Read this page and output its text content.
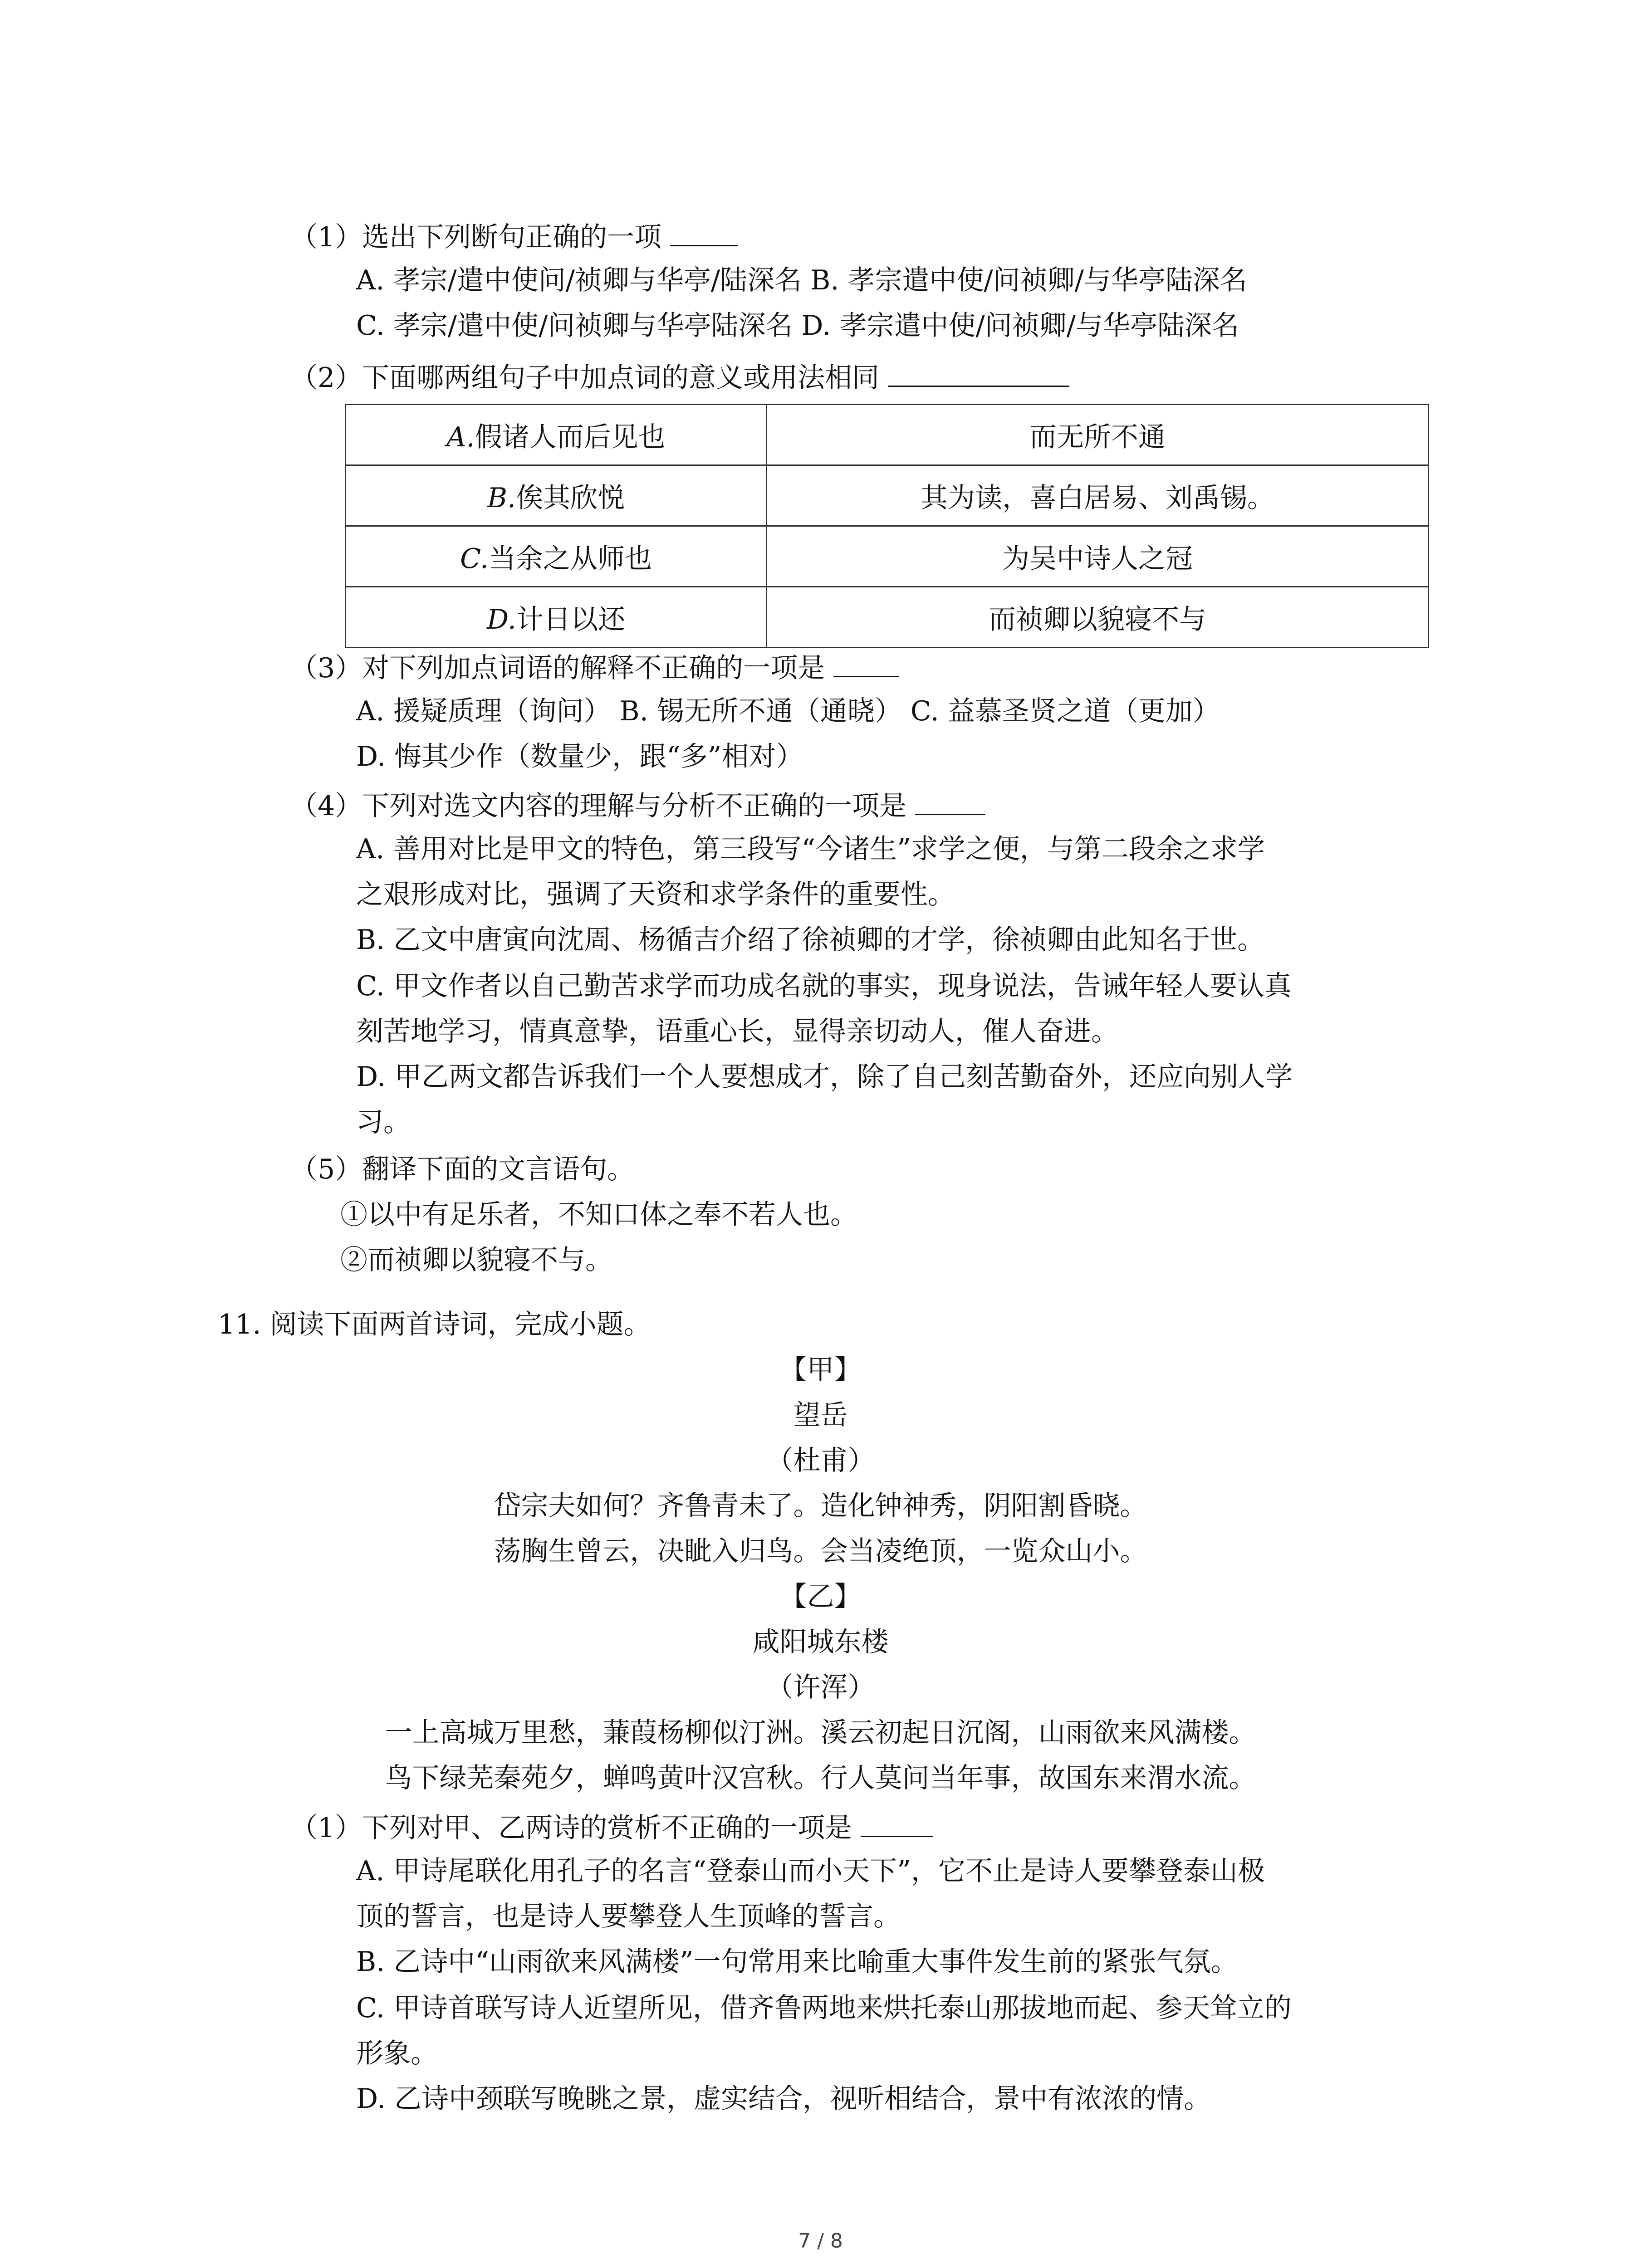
（1）选出下列断句正确的一项
A. 孝宗/遣中使问/祯卿与华亭/陆深名 B. 孝宗遣中使/问祯卿/与华亭陆深名
C. 孝宗/遣中使/问祯卿与华亭陆深名 D. 孝宗遣中使/问祯卿/与华亭陆深名
（2）下面哪两组句子中加点词的意义或用法相同
A.假诸人而后见也	而无所不通
B.俟其欣悦	其为读，喜白居易、刘禹锡。
C.当余之从师也	为吴中诗人之冠
D.计日以还	而祯卿以貌寝不与
（3）对下列加点词语的解释不正确的一项是
A. 援疑质理（询问） B. 锡无所不通（通晓） C. 益慕圣贤之道（更加）
D. 悔其少作（数量少，跟“多”相对）
（4）下列对选文内容的理解与分析不正确的一项是
A. 善用对比是甲文的特色，第三段写“今诸生”求学之便，与第二段余之求学
之艰形成对比，强调了天资和求学条件的重要性。
B. 乙文中唐寅向沈周、杨循吉介绍了徐祯卿的才学，徐祯卿由此知名于世。
C. 甲文作者以自己勤苦求学而功成名就的事实，现身说法，告诫年轻人要认真
刻苦地学习，情真意挚，语重心长，显得亲切动人，催人奋进。
D. 甲乙两文都告诉我们一个人要想成才，除了自己刻苦勤奋外，还应向别人学
习。
（5）翻译下面的文言语句。
①以中有足乐者，不知口体之奉不若人也。
②而祯卿以貌寝不与。
11. 阅读下面两首诗词，完成小题。
【甲】
望岳
（杜甫）
岱宗夫如何？齐鲁青未了。造化钟神秀，阴阳割昏晓。
荡胸生曾云，决眦入归鸟。会当凌绝顶，一览众山小。
【乙】
咸阳城东楼
（许浑）
一上高城万里愁，蒹葭杨柳似汀洲。溪云初起日沉阁，山雨欲来风满楼。
鸟下绿芜秦苑夕，蝉鸣黄叶汉宫秋。行人莫问当年事，故国东来渭水流。
（1）下列对甲、乙两诗的赏析不正确的一项是
A. 甲诗尾联化用孔子的名言“登泰山而小天下”，它不止是诗人要攀登泰山极
顶的誓言，也是诗人要攀登人生顶峰的誓言。
B. 乙诗中“山雨欲来风满楼”一句常用来比喻重大事件发生前的紧张气氛。
C. 甲诗首联写诗人近望所见，借齐鲁两地来烘托泰山那拔地而起、参天耸立的
形象。
D. 乙诗中颈联写晚眺之景，虚实结合，视听相结合，景中有浓浓的情。
7 / 8
